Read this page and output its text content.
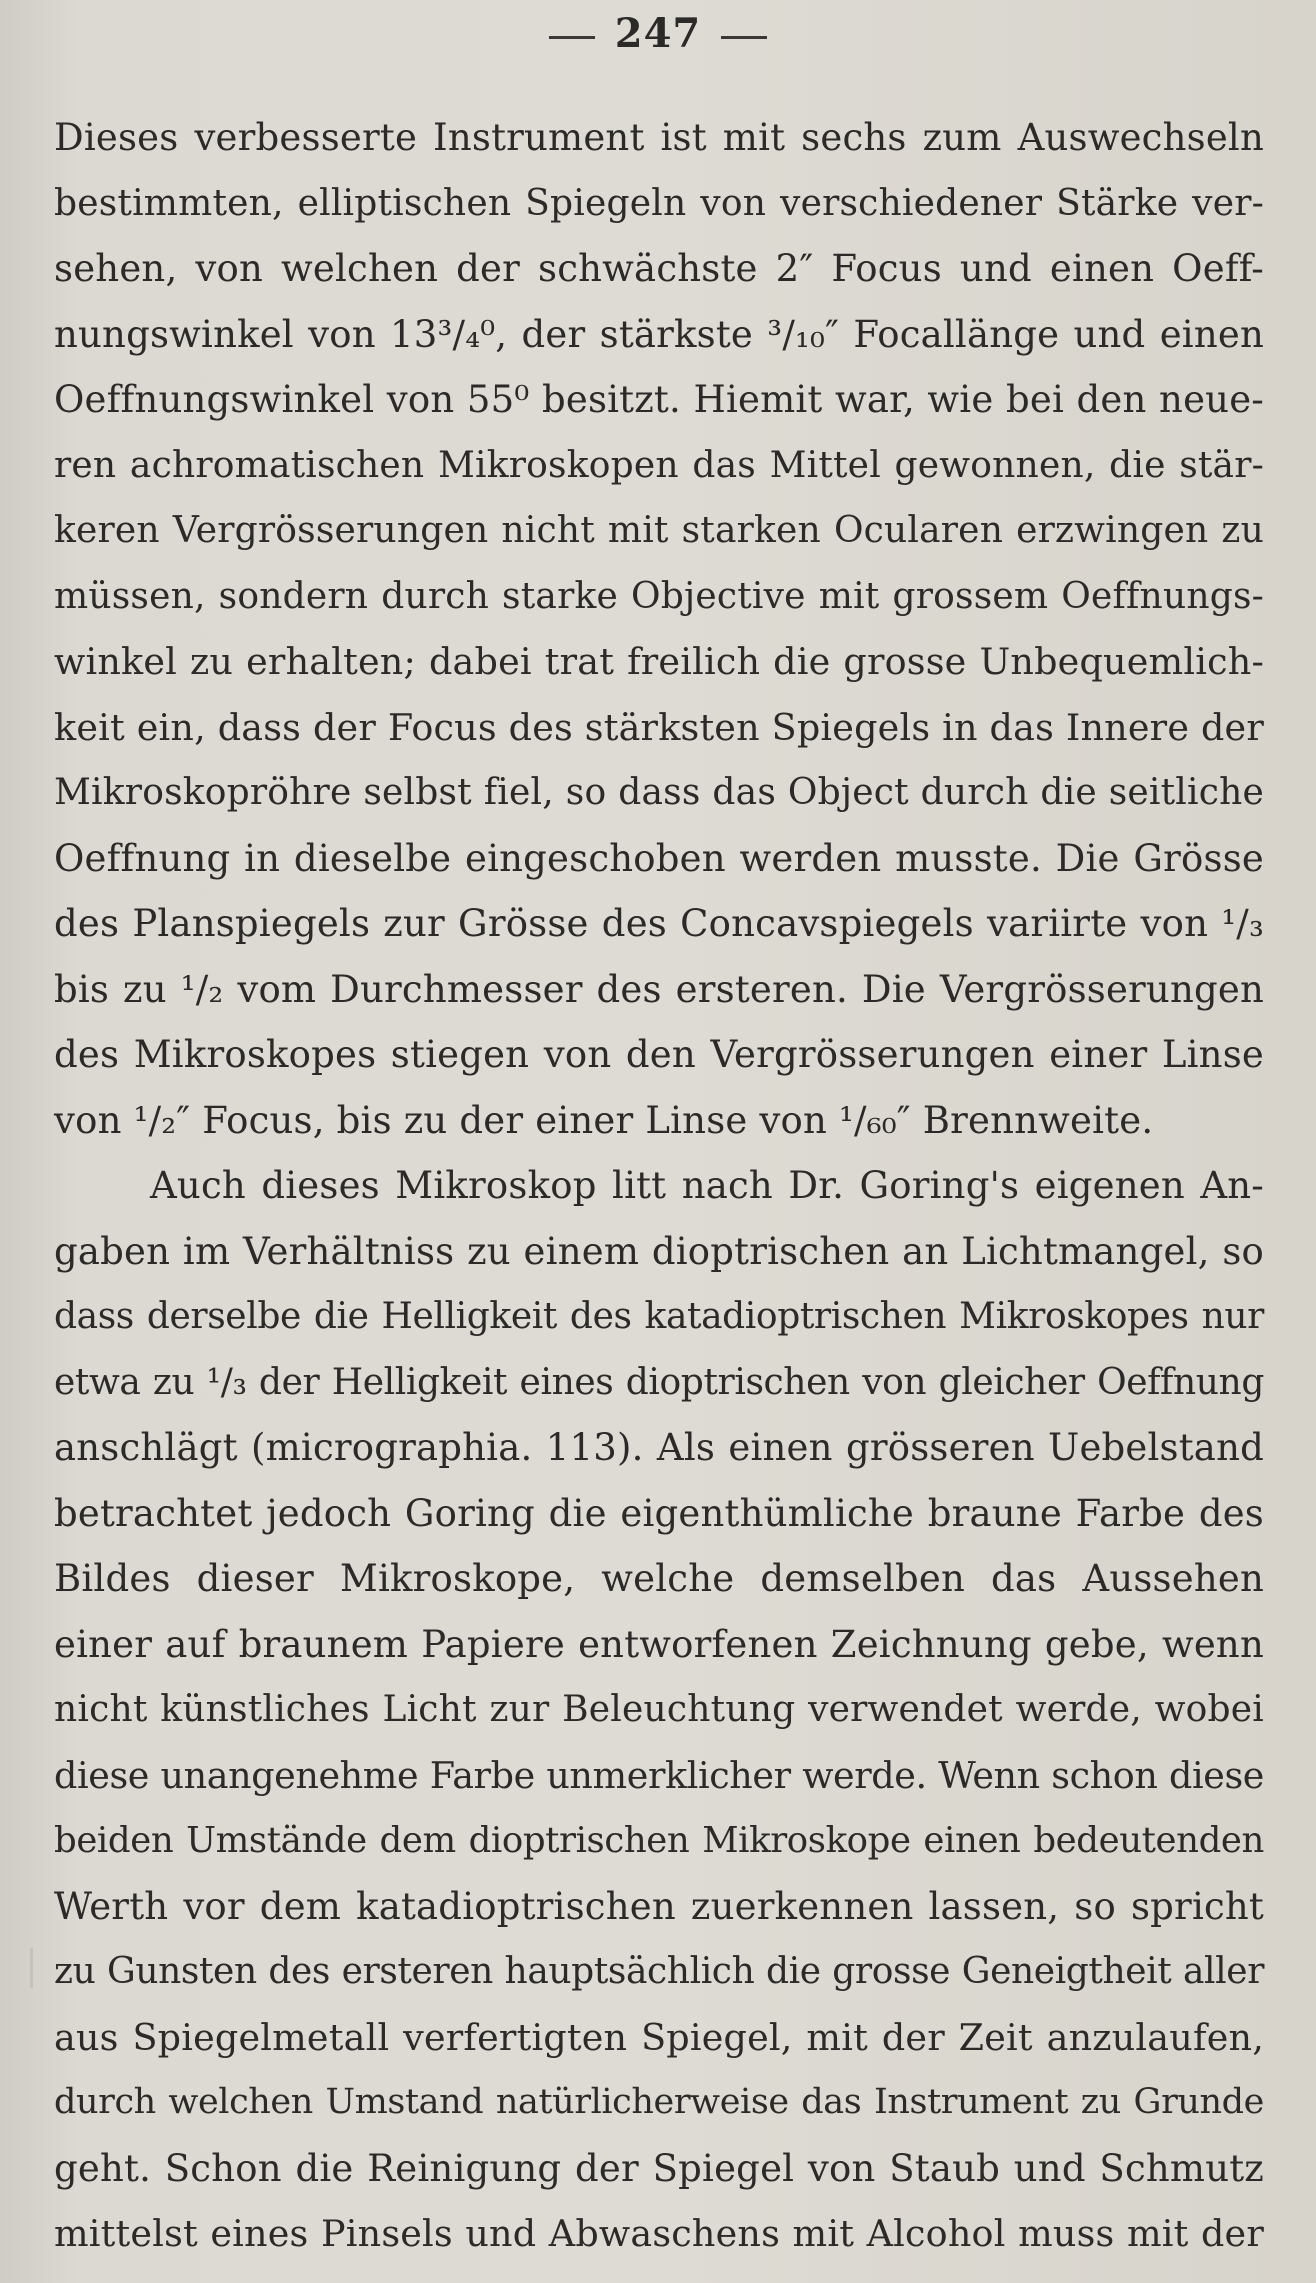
247
Dieses verbesserte Instrument ist mit sechs zum Auswechseln
bestimmten, elliptischen Spiegeln von verschiedener Stärke ver-
sehen, von welchen der schwächste 2″ Focus und einen Oeff-
nungswinkel von 13³/₄⁰, der stärkste ³/₁₀″ Focallänge und einen
Oeffnungswinkel von 55⁰ besitzt. Hiemit war, wie bei den neue-
ren achromatischen Mikroskopen das Mittel gewonnen, die stär-
keren Vergrösserungen nicht mit starken Ocularen erzwingen zu
müssen, sondern durch starke Objective mit grossem Oeffnungs-
winkel zu erhalten; dabei trat freilich die grosse Unbequemlich-
keit ein, dass der Focus des stärksten Spiegels in das Innere der
Mikroskopröhre selbst fiel, so dass das Object durch die seitliche
Oeffnung in dieselbe eingeschoben werden musste. Die Grösse
des Planspiegels zur Grösse des Concavspiegels variirte von ¹/₃
bis zu ¹/₂ vom Durchmesser des ersteren. Die Vergrösserungen
des Mikroskopes stiegen von den Vergrösserungen einer Linse
von ¹/₂″ Focus, bis zu der einer Linse von ¹/₆₀″ Brennweite.
Auch dieses Mikroskop litt nach Dr. Goring's eigenen An-
gaben im Verhältniss zu einem dioptrischen an Lichtmangel, so
dass derselbe die Helligkeit des katadioptrischen Mikroskopes nur
etwa zu ¹/₃ der Helligkeit eines dioptrischen von gleicher Oeffnung
anschlägt (micrographia. 113). Als einen grösseren Uebelstand
betrachtet jedoch Goring die eigenthümliche braune Farbe des
Bildes dieser Mikroskope, welche demselben das Aussehen
einer auf braunem Papiere entworfenen Zeichnung gebe, wenn
nicht künstliches Licht zur Beleuchtung verwendet werde, wobei
diese unangenehme Farbe unmerklicher werde. Wenn schon diese
beiden Umstände dem dioptrischen Mikroskope einen bedeutenden
Werth vor dem katadioptrischen zuerkennen lassen, so spricht
zu Gunsten des ersteren hauptsächlich die grosse Geneigtheit aller
aus Spiegelmetall verfertigten Spiegel, mit der Zeit anzulaufen,
durch welchen Umstand natürlicherweise das Instrument zu Grunde
geht. Schon die Reinigung der Spiegel von Staub und Schmutz
mittelst eines Pinsels und Abwaschens mit Alcohol muss mit der
